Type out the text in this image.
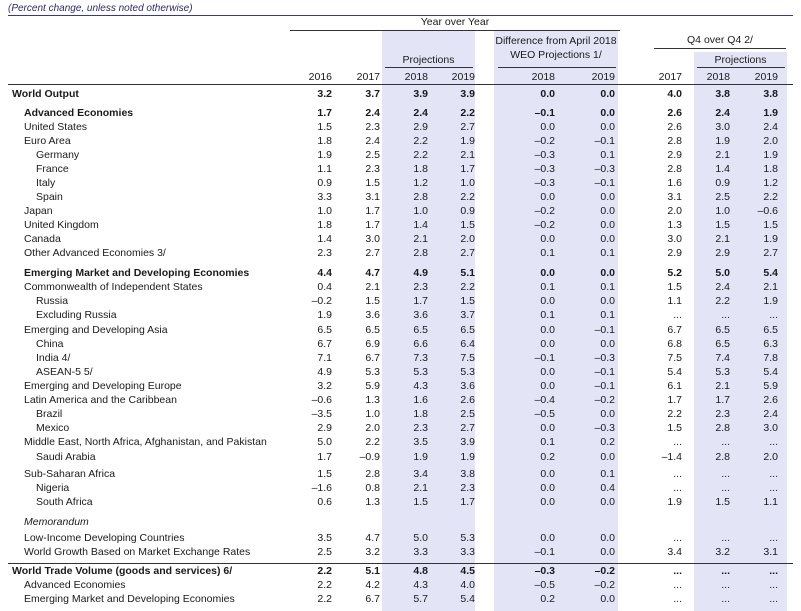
(Percent change, unless noted otherwise)
Year over Year
Projections
Difference from April 2018 WEO Projections 1/
Q4 over Q4 2/
Projections
2016	2017	2018	2019	2018	2019	2017	2018	2019
World Output	3.2	3.7	3.9	3.9	0.0	0.0	4.0	3.8	3.8
Advanced Economies	1.7	2.4	2.4	2.2	–0.1	0.0	2.6	2.4	1.9
United States	1.5	2.3	2.9	2.7	0.0	0.0	2.6	3.0	2.4
Euro Area	1.8	2.4	2.2	1.9	–0.2	–0.1	2.8	1.9	2.0
Germany	1.9	2.5	2.2	2.1	–0.3	0.1	2.9	2.1	1.9
France	1.1	2.3	1.8	1.7	–0.3	–0.3	2.8	1.4	1.8
Italy	0.9	1.5	1.2	1.0	–0.3	–0.1	1.6	0.9	1.2
Spain	3.3	3.1	2.8	2.2	0.0	0.0	3.1	2.5	2.2
Japan	1.0	1.7	1.0	0.9	–0.2	0.0	2.0	1.0	–0.6
United Kingdom	1.8	1.7	1.4	1.5	–0.2	0.0	1.3	1.5	1.5
Canada	1.4	3.0	2.1	2.0	0.0	0.0	3.0	2.1	1.9
Other Advanced Economies 3/	2.3	2.7	2.8	2.7	0.1	0.1	2.9	2.9	2.7
Emerging Market and Developing Economies	4.4	4.7	4.9	5.1	0.0	0.0	5.2	5.0	5.4
Commonwealth of Independent States	0.4	2.1	2.3	2.2	0.1	0.1	1.5	2.4	2.1
Russia	–0.2	1.5	1.7	1.5	0.0	0.0	1.1	2.2	1.9
Excluding Russia	1.9	3.6	3.6	3.7	0.1	0.1	...	...	...
Emerging and Developing Asia	6.5	6.5	6.5	6.5	0.0	–0.1	6.7	6.5	6.5
China	6.7	6.9	6.6	6.4	0.0	0.0	6.8	6.5	6.3
India 4/	7.1	6.7	7.3	7.5	–0.1	–0.3	7.5	7.4	7.8
ASEAN-5 5/	4.9	5.3	5.3	5.3	0.0	–0.1	5.4	5.3	5.4
Emerging and Developing Europe	3.2	5.9	4.3	3.6	0.0	–0.1	6.1	2.1	5.9
Latin America and the Caribbean	–0.6	1.3	1.6	2.6	–0.4	–0.2	1.7	1.7	2.6
Brazil	–3.5	1.0	1.8	2.5	–0.5	0.0	2.2	2.3	2.4
Mexico	2.9	2.0	2.3	2.7	0.0	–0.3	1.5	2.8	3.0
Middle East, North Africa, Afghanistan, and Pakistan	5.0	2.2	3.5	3.9	0.1	0.2	...	...	...
Saudi Arabia	1.7	–0.9	1.9	1.9	0.2	0.0	–1.4	2.8	2.0
Sub-Saharan Africa	1.5	2.8	3.4	3.8	0.0	0.1	...	...	...
Nigeria	–1.6	0.8	2.1	2.3	0.0	0.4	...	...	...
South Africa	0.6	1.3	1.5	1.7	0.0	0.0	1.9	1.5	1.1
Low-Income Developing Countries	3.5	4.7	5.0	5.3	0.0	0.0	...	...	...
World Growth Based on Market Exchange Rates	2.5	3.2	3.3	3.3	–0.1	0.0	3.4	3.2	3.1
World Trade Volume (goods and services) 6/	2.2	5.1	4.8	4.5	–0.3	–0.2	...	...	...
Advanced Economies	2.2	4.2	4.3	4.0	–0.5	–0.2	...	...	...
Emerging Market and Developing Economies	2.2	6.7	5.7	5.4	0.2	0.0	...	...	...
Memorandum
